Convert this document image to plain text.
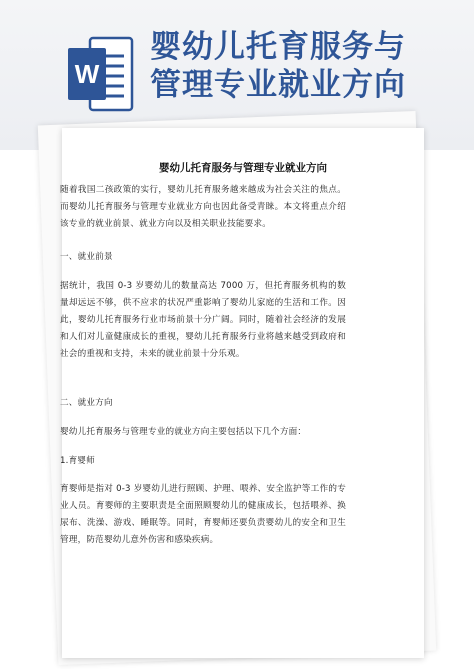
W
婴幼儿托育服务与
管理专业就业方向
婴幼儿托育服务与管理专业就业方向
随着我国二孩政策的实行，婴幼儿托育服务越来越成为社会关注的焦点。而婴幼儿托育服务与管理专业就业方向也因此备受青睐。本文将重点介绍该专业的就业前景、就业方向以及相关职业技能要求。
一、就业前景
据统计，我国 0-3 岁婴幼儿的数量高达 7000 万，但托育服务机构的数量却远远不够，供不应求的状况严重影响了婴幼儿家庭的生活和工作。因此，婴幼儿托育服务行业市场前景十分广阔。同时，随着社会经济的发展和人们对儿童健康成长的重视，婴幼儿托育服务行业将越来越受到政府和社会的重视和支持，未来的就业前景十分乐观。
二、就业方向
婴幼儿托育服务与管理专业的就业方向主要包括以下几个方面：
1.育婴师
育婴师是指对 0-3 岁婴幼儿进行照顾、护理、喂养、安全监护等工作的专业人员。育婴师的主要职责是全面照顾婴幼儿的健康成长，包括喂养、换尿布、洗澡、游戏、睡眠等。同时，育婴师还要负责婴幼儿的安全和卫生管理，防范婴幼儿意外伤害和感染疾病。
